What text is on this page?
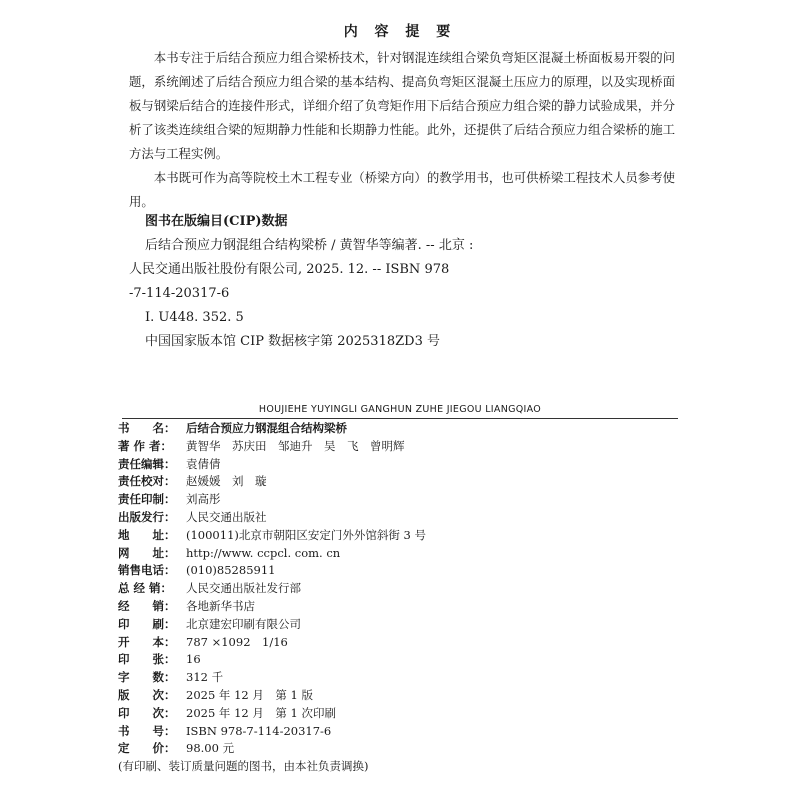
内 容 提 要

本书专注于后结合预应力组合梁桥技术，针对钢混连续组合梁负弯矩区混凝土桥面板易开裂的问题，系统阐述了后结合预应力组合梁的基本结构、提高负弯矩区混凝土压应力的原理，以及实现桥面板与钢梁后结合的连接件形式，详细介绍了负弯矩作用下后结合预应力组合梁的静力试验成果，并分析了该类连续组合梁的短期静力性能和长期静力性能。此外，还提供了后结合预应力组合梁桥的施工方法与工程实例。

本书既可作为高等院校土木工程专业（桥梁方向）的教学用书，也可供桥梁工程技术人员参考使用。

图书在版编目(CIP)数据
后结合预应力钢混组合结构梁桥 / 黄智华等编著. -- 北京 :
人民交通出版社股份有限公司, 2025. 12. -- ISBN 978
-7-114-20317-6
Ⅰ. U448. 352. 5
中国国家版本馆 CIP 数据核字第 2025318ZD3 号
HOUJIEHE YUYINGLI GANGHUN ZUHE JIEGOU LIANGQIAO
书　　名： 后结合预应力钢混组合结构梁桥
著 作 者：	黄智华　苏庆田　邹迪升　吴　飞　曾明辉
责任编辑： 袁倩倩
责任校对： 赵媛媛　刘　璇
责任印制： 刘高彤
出版发行： 人民交通出版社
地　　址： (100011)北京市朝阳区安定门外外馆斜街 3 号
网　　址： http://www. ccpcl. com. cn
销售电话： (010)85285911
总 经 销：	人民交通出版社发行部
经　　销： 各地新华书店
印　　刷： 北京建宏印刷有限公司
开　　本： 787 ×1092　1/16
印　　张： 16
字　　数： 312 千
版　　次： 2025 年 12 月　第 1 版
印　　次： 2025 年 12 月　第 1 次印刷
书　　号： ISBN 978-7-114-20317-6
定　　价： 98.00 元
(有印刷、装订质量问题的图书，由本社负责调换)
